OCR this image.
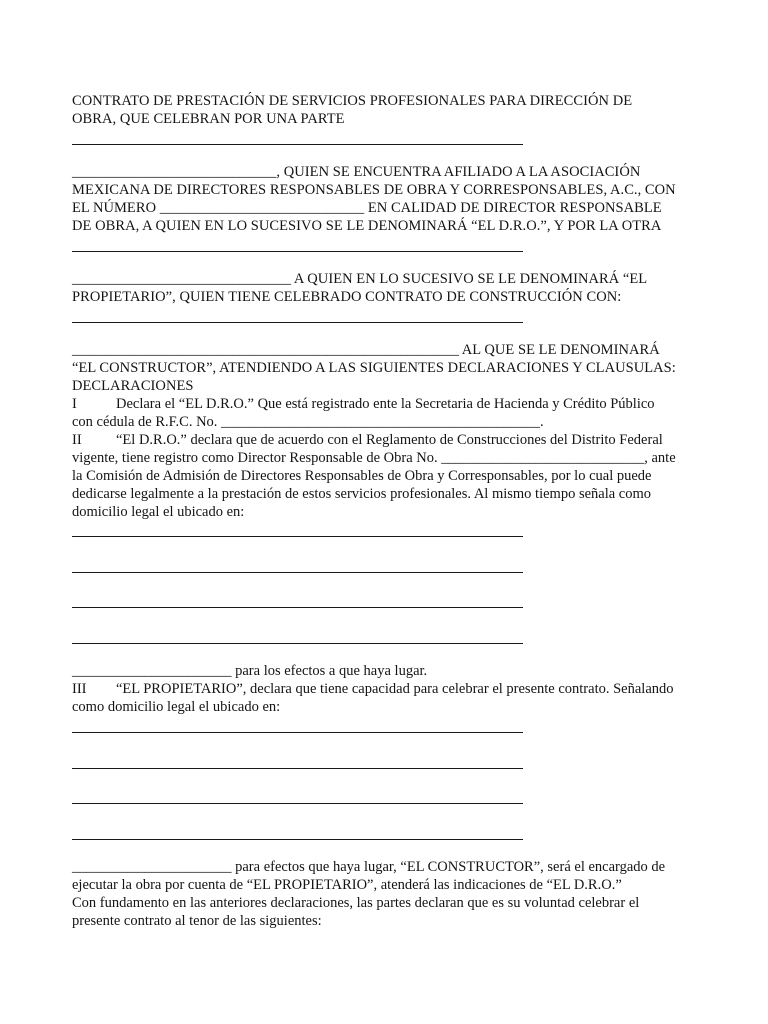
CONTRATO DE PRESTACIÓN DE SERVICIOS PROFESIONALES PARA DIRECCIÓN DE

OBRA, QUE CELEBRAN POR UNA PARTE

____________________________, QUIEN SE ENCUENTRA AFILIADO A LA ASOCIACIÓN

MEXICANA DE DIRECTORES RESPONSABLES DE OBRA Y CORRESPONSABLES, A.C., CON

EL NÚMERO ____________________________ EN CALIDAD DE DIRECTOR RESPONSABLE

DE OBRA, A QUIEN EN LO SUCESIVO SE LE DENOMINARÁ “EL D.R.O.”, Y POR LA OTRA

______________________________ A QUIEN EN LO SUCESIVO SE LE DENOMINARÁ “EL

PROPIETARIO”, QUIEN TIENE CELEBRADO CONTRATO DE CONSTRUCCIÓN CON:

_____________________________________________________ AL QUE SE LE DENOMINARÁ

“EL CONSTRUCTOR”, ATENDIENDO A LAS SIGUIENTES DECLARACIONES Y CLAUSULAS:

DECLARACIONES

I	Declara el “EL D.R.O.” Que está registrado ente la Secretaria de Hacienda y Crédito Público

con cédula de R.F.C. No. ____________________________________________.

II “El D.R.O.” declara que de acuerdo con el Reglamento de Construcciones del Distrito Federal

vigente, tiene registro como Director Responsable de Obra No. ____________________________, ante

la Comisión de Admisión de Directores Responsables de Obra y Corresponsables, por lo cual puede

dedicarse legalmente a la prestación de estos servicios profesionales. Al mismo tiempo señala como

domicilio legal el ubicado en:

______________________ para los efectos a que haya lugar.

III “EL PROPIETARIO”, declara que tiene capacidad para celebrar el presente contrato. Señalando

como domicilio legal el ubicado en:

______________________ para efectos que haya lugar, “EL CONSTRUCTOR”, será el encargado de

ejecutar la obra por cuenta de “EL PROPIETARIO”, atenderá las indicaciones de “EL D.R.O.”

Con fundamento en las anteriores declaraciones, las partes declaran que es su voluntad celebrar el

presente contrato al tenor de las siguientes:
